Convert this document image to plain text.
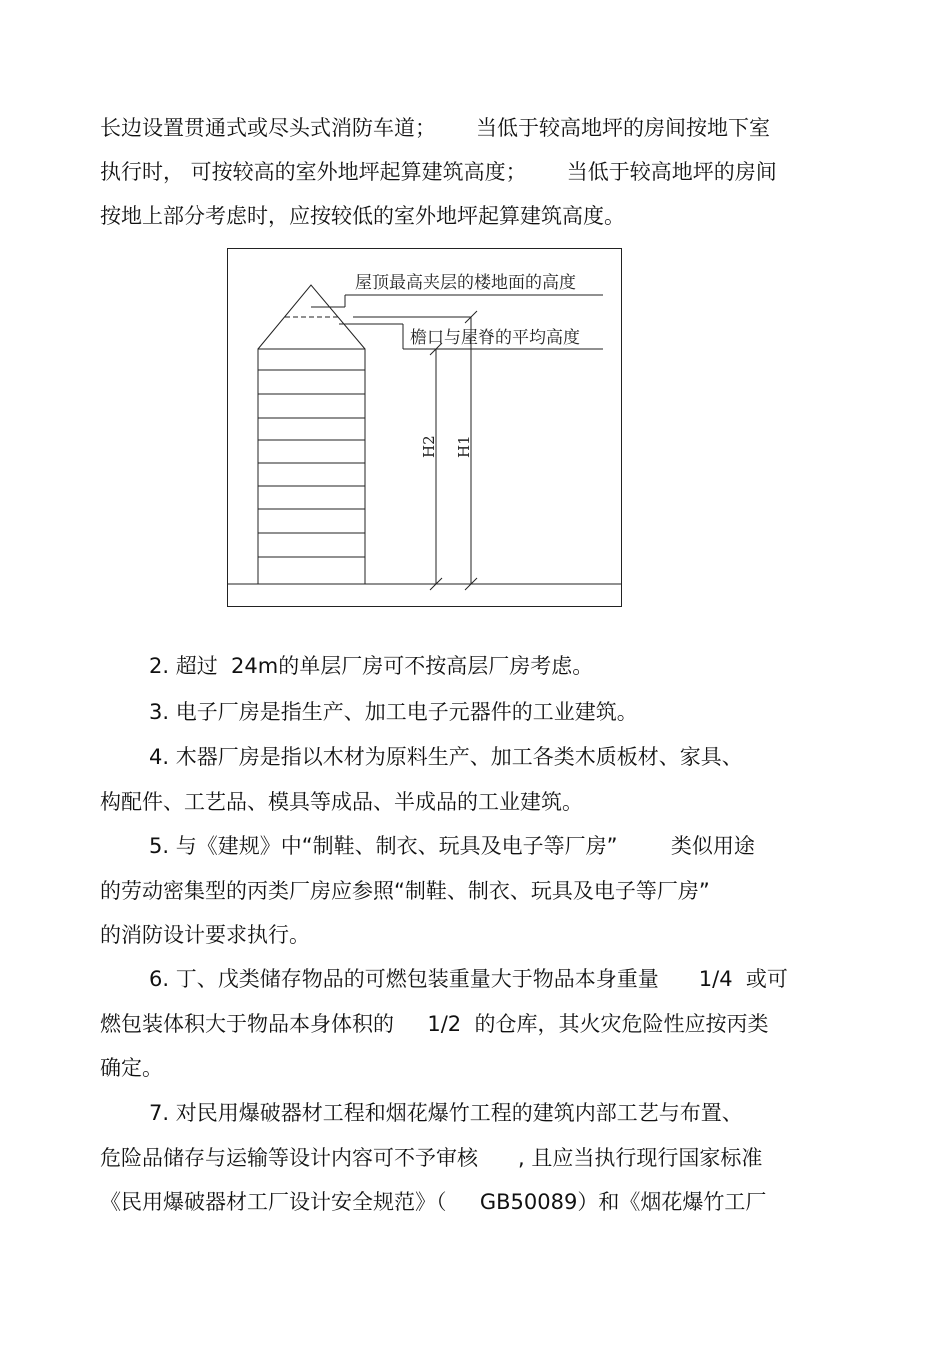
长边设置贯通式或尽头式消防车道；      当低于较高地坪的房间按地下室
执行时， 可按较高的室外地坪起算建筑高度；      当低于较高地坪的房间
按地上部分考虑时，应按较低的室外地坪起算建筑高度。
屋顶最高夹层的楼地面的高度
檐口与屋脊的平均高度
H2 H1
2. 超过  24m的单层厂房可不按高层厂房考虑。
3. 电子厂房是指生产、加工电子元器件的工业建筑。
4. 木器厂房是指以木材为原料生产、加工各类木质板材、家具、
构配件、工艺品、模具等成品、半成品的工业建筑。
5. 与《建规》中“制鞋、制衣、玩具及电子等厂房”        类似用途
的劳动密集型的丙类厂房应参照“制鞋、制衣、玩具及电子等厂房”
的消防设计要求执行。
6. 丁、戊类储存物品的可燃包装重量大于物品本身重量      1/4  或可
燃包装体积大于物品本身体积的     1/2  的仓库，其火灾危险性应按丙类
确定。
7. 对民用爆破器材工程和烟花爆竹工程的建筑内部工艺与布置、
危险品储存与运输等设计内容可不予审核      , 且应当执行现行国家标准
《民用爆破器材工厂设计安全规范》（     GB50089）和《烟花爆竹工厂
